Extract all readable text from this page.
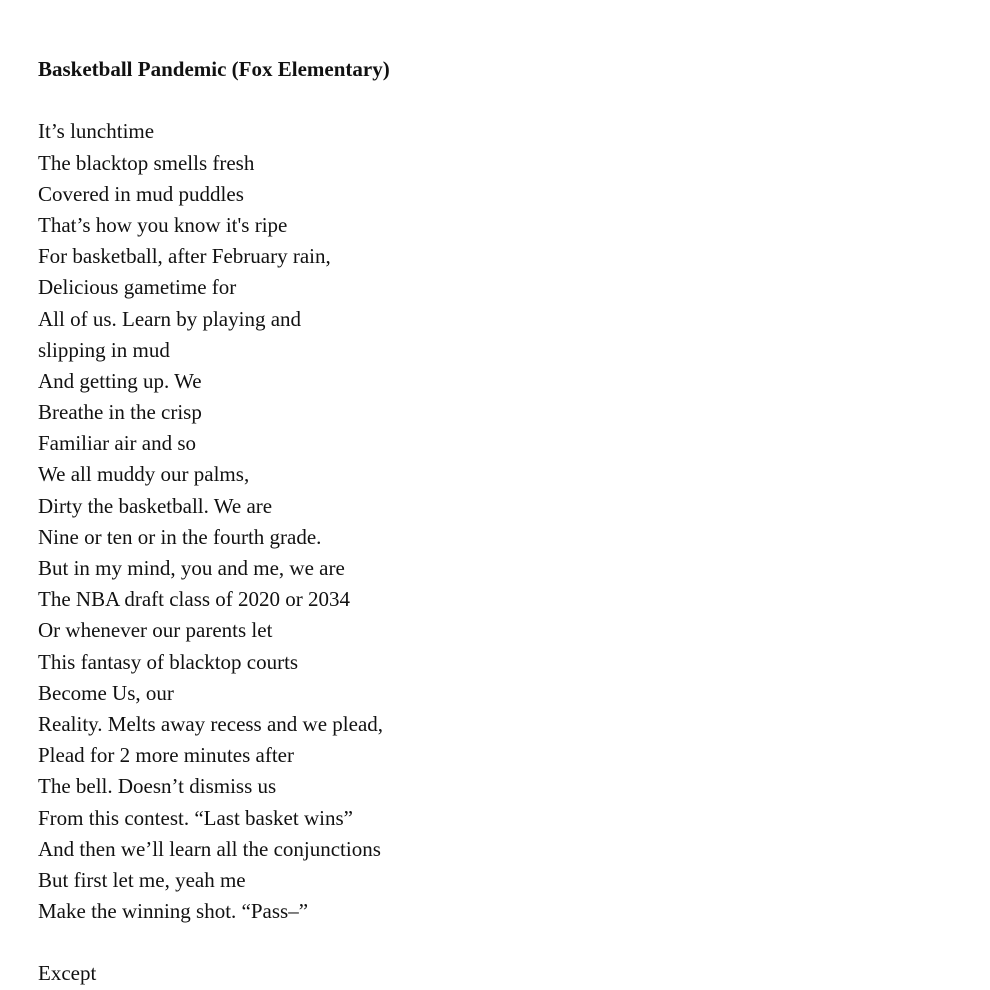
Basketball Pandemic (Fox Elementary)

It’s lunchtime

The blacktop smells fresh

Covered in mud puddles

That’s how you know it's ripe

For basketball, after February rain,

Delicious gametime for

All of us. Learn by playing and

slipping in mud

And getting up. We

Breathe in the crisp

Familiar air and so

We all muddy our palms,

Dirty the basketball. We are

Nine or ten or in the fourth grade.

But in my mind, you and me, we are

The NBA draft class of 2020 or 2034

Or whenever our parents let

This fantasy of blacktop courts

Become Us, our

Reality. Melts away recess and we plead,

Plead for 2 more minutes after

The bell. Doesn’t dismiss us

From this contest. “Last basket wins”

And then we’ll learn all the conjunctions

But first let me, yeah me

Make the winning shot. “Pass–”

Except
